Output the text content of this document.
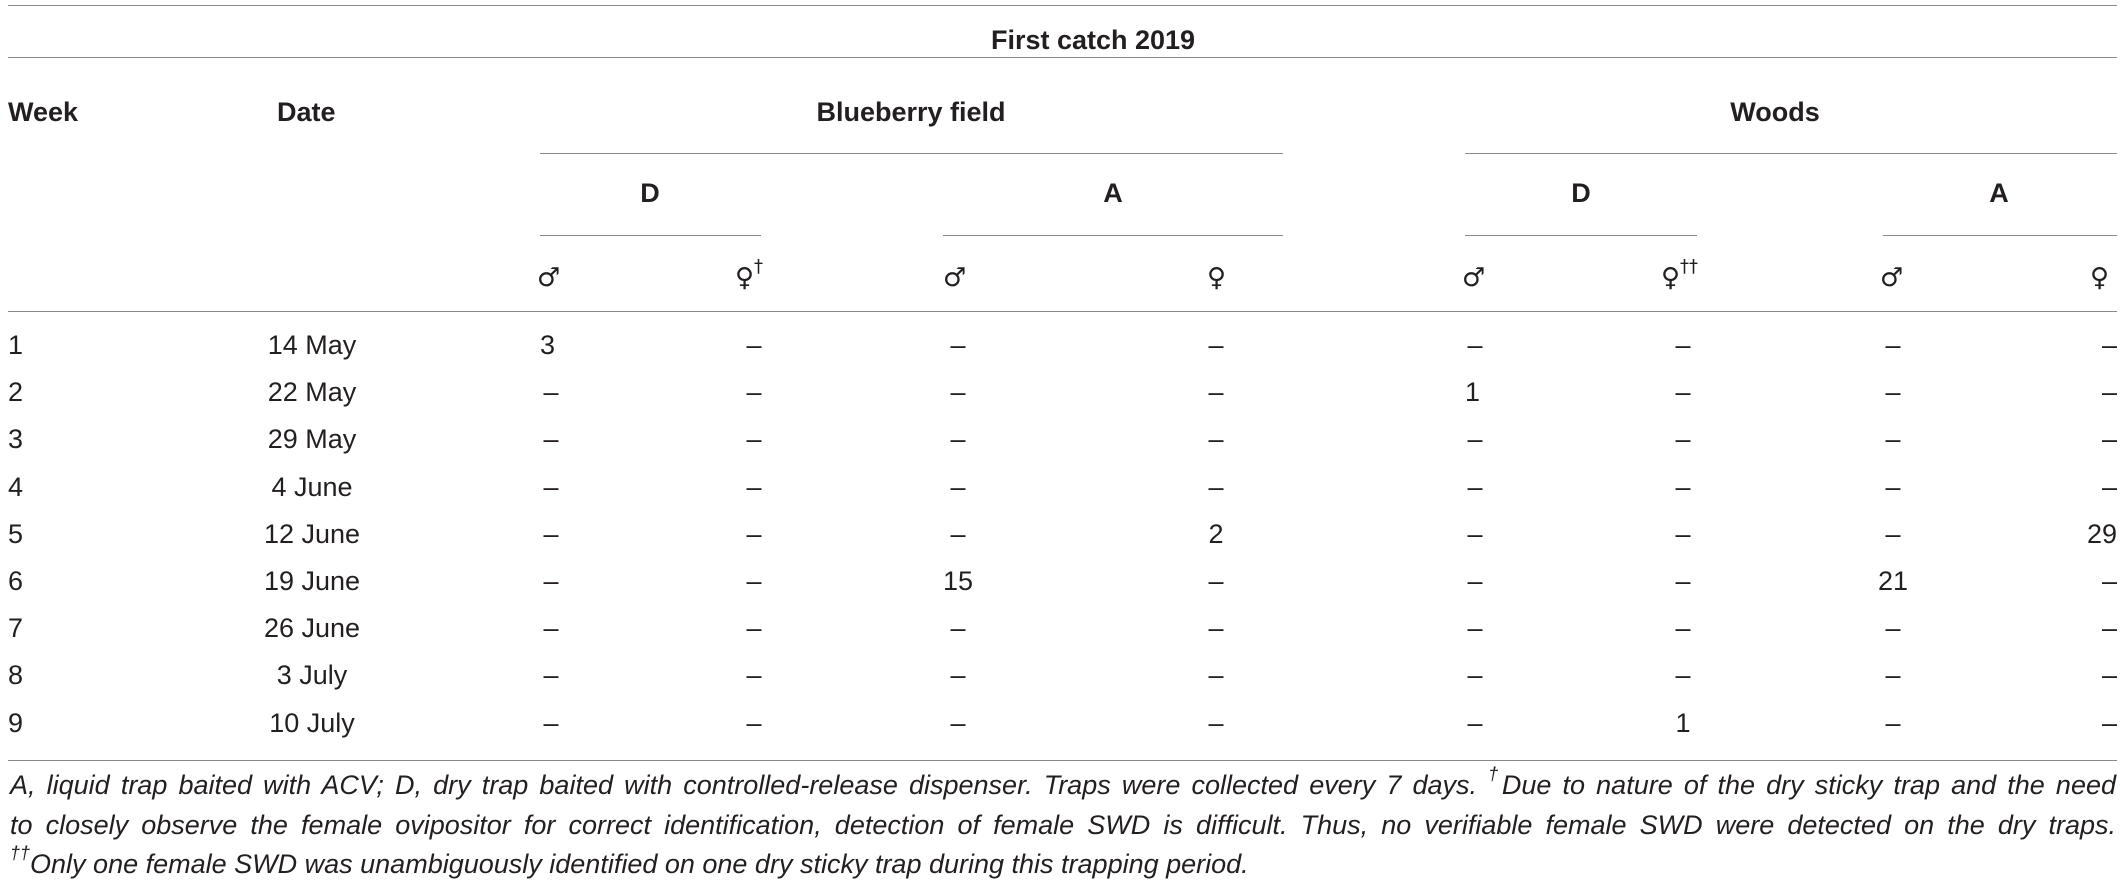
First catch 2019
Week	Date	Blueberry field	Woods
D	A	D	A
♂	♀†	♂	♀	♂	♀††	♂	♀
1	14 May	3	–	–	–	–	–	–	–
2	22 May	–	–	–	–	1	–	–	–
3	29 May	–	–	–	–	–	–	–	–
4	4 June	–	–	–	–	–	–	–	–
5	12 June	–	–	–	2	–	–	–	29
6	19 June	–	–	15	–	–	–	21	–
7	26 June	–	–	–	–	–	–	–	–
8	3 July	–	–	–	–	–	–	–	–
9	10 July	–	–	–	–	–	1	–	–
A, liquid trap baited with ACV; D, dry trap baited with controlled-release dispenser. Traps were collected every 7 days. †Due to nature of the dry sticky trap and the need
to closely observe the female ovipositor for correct identification, detection of female SWD is difficult. Thus, no verifiable female SWD were detected on the dry traps.
††Only one female SWD was unambiguously identified on one dry sticky trap during this trapping period.
